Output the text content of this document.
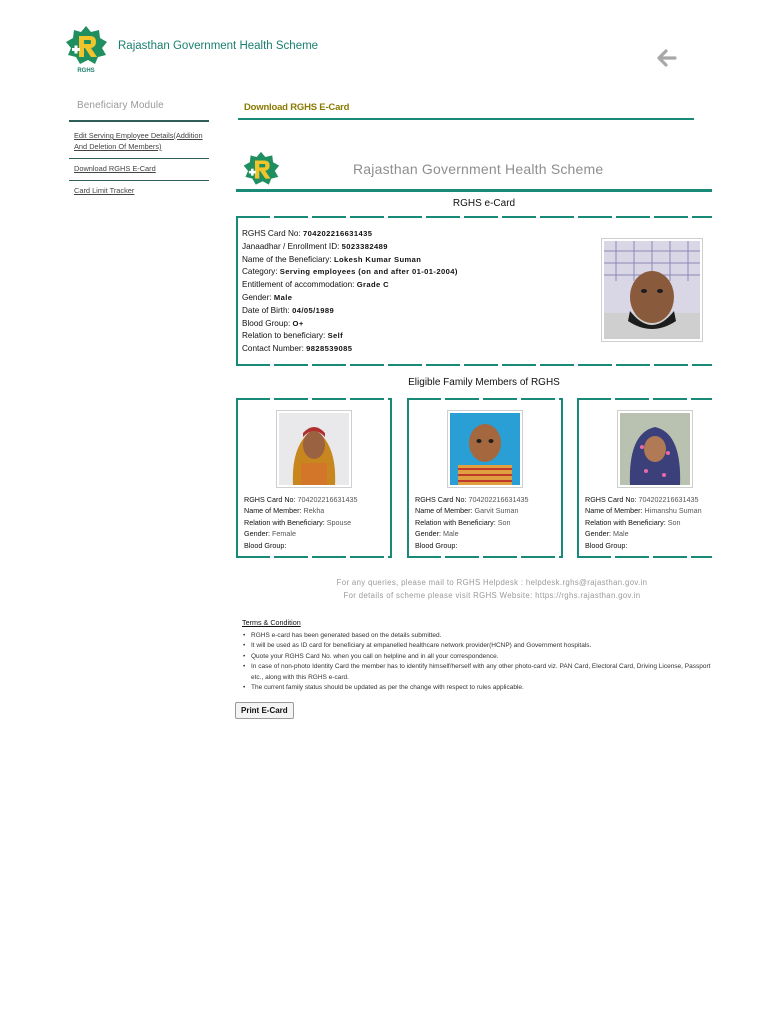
RGHS
Rajasthan Government Health Scheme
Beneficiary Module
Edit Serving Employee Details(Addition And Deletion Of Members)
Download RGHS E-Card
Card Limit Tracker
Download RGHS E-Card
Rajasthan Government Health Scheme
RGHS e-Card
RGHS Card No: 704202216631435
Janaadhar / Enrollment ID: 5023382489
Name of the Beneficiary: Lokesh Kumar Suman
Category: Serving employees (on and after 01-01-2004)
Entitlement of accommodation: Grade C
Gender: Male
Date of Birth: 04/05/1989
Blood Group: O+
Relation to beneficiary: Self
Contact Number: 9828539085
Eligible Family Members of RGHS
RGHS Card No: 704202216631435
Name of Member: Rekha
Relation with Beneficiary: Spouse
Gender: Female
Blood Group:
RGHS Card No: 704202216631435
Name of Member: Garvit Suman
Relation with Beneficiary: Son
Gender: Male
Blood Group:
RGHS Card No: 704202216631435
Name of Member: Himanshu Suman
Relation with Beneficiary: Son
Gender: Male
Blood Group:
For any queries, please mail to RGHS Helpdesk : helpdesk.rghs@rajasthan.gov.in
For details of scheme please visit RGHS Website: https://rghs.rajasthan.gov.in
Terms & Condition
• RGHS e-card has been generated based on the details submitted.
• It will be used as ID card for beneficiary at empanelled healthcare network provider(HCNP) and Government hospitals.
• Quote your RGHS Card No. when you call on helpline and in all your correspondence.
• In case of non-photo Identity Card the member has to identify himself/herself with any other photo-card viz. PAN Card, Electoral Card, Driving License, Passport etc., along with this RGHS e-card.
• The current family status should be updated as per the change with respect to rules applicable.
Print E-Card
